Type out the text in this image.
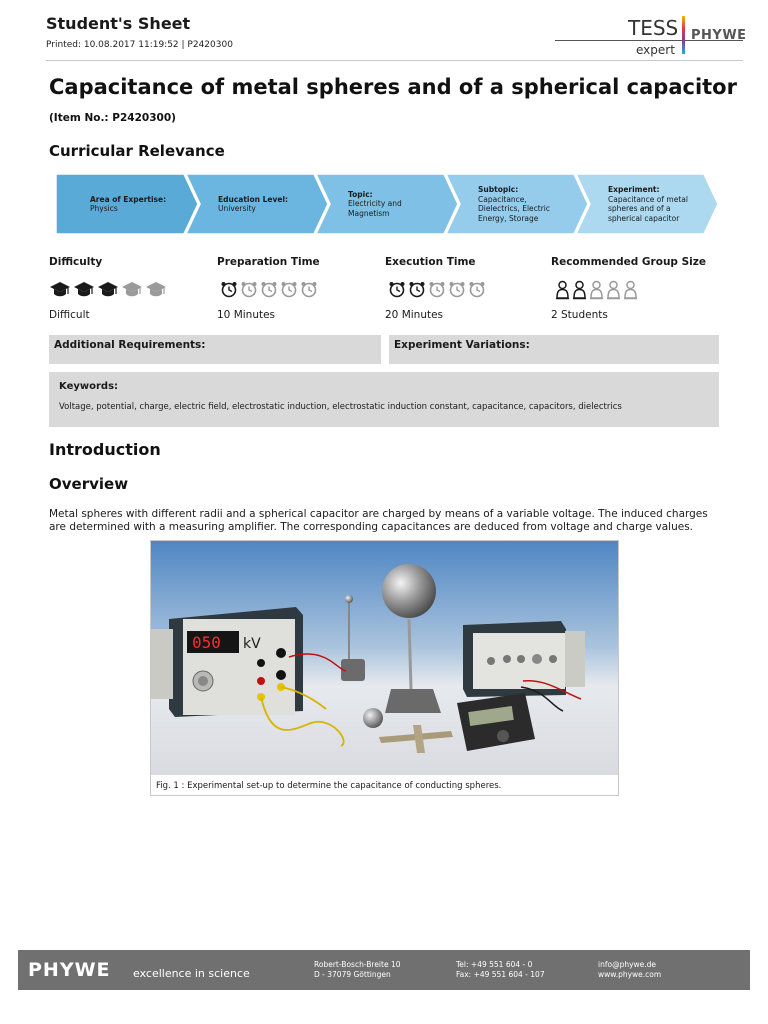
Student's Sheet
Printed: 10.08.2017 11:19:52 | P2420300
TESS
expert
PHYWE
Capacitance of metal spheres and of a spherical capacitor (Item No.: P2420300)
Curricular Relevance
Area of Expertise:
Physics
Education Level:
University
Topic:
Electricity and Magnetism
Subtopic:
Capacitance, Dielectrics, Electric Energy, Storage
Experiment:
Capacitance of metal spheres and of a spherical capacitor
Difficulty	Preparation Time	Execution Time	Recommended Group Size
Difficult	10 Minutes	20 Minutes	2 Students
Additional Requirements:	Experiment Variations:
Keywords:
Voltage, potential, charge, electric field, electrostatic induction, electrostatic induction constant, capacitance, capacitors, dielectrics
Introduction
Overview
Metal spheres with different radii and a spherical capacitor are charged by means of a variable voltage. The induced charges are determined with a measuring amplifier. The corresponding capacitances are deduced from voltage and charge values.
050 kV
Fig. 1 : Experimental set-up to determine the capacitance of conducting spheres.
PHYWE excellence in science
Robert-Bosch-Breite 10
D - 37079 Göttingen
Tel: +49 551 604 - 0
Fax: +49 551 604 - 107
info@phywe.de
www.phywe.com
